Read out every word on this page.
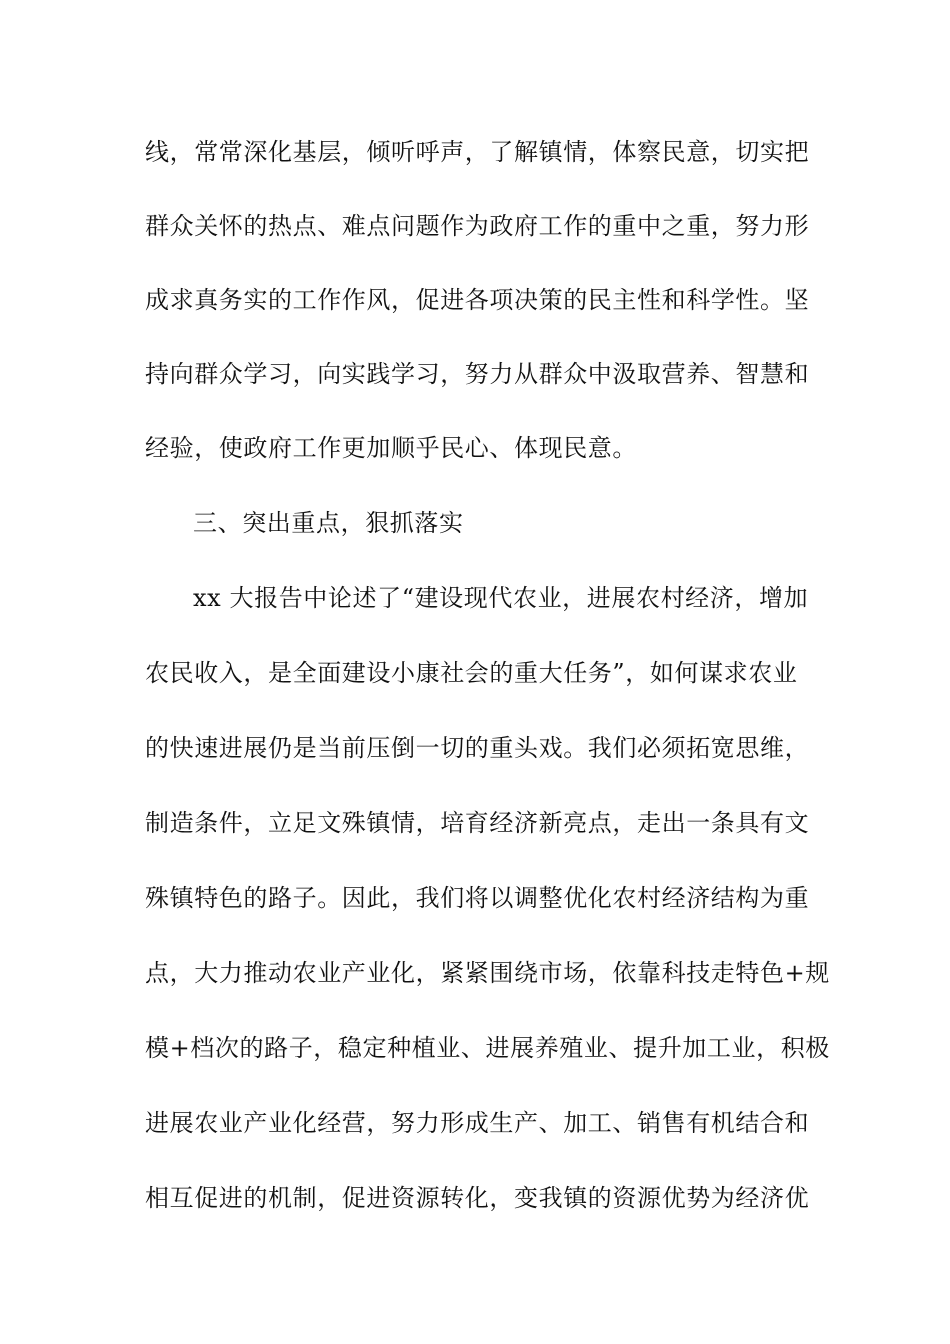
线，常常深化基层，倾听呼声，了解镇情，体察民意，切实把
群众关怀的热点、难点问题作为政府工作的重中之重，努力形
成求真务实的工作作风，促进各项决策的民主性和科学性。坚
持向群众学习，向实践学习，努力从群众中汲取营养、智慧和
经验，使政府工作更加顺乎民心、体现民意。
三、突出重点，狠抓落实
xx 大报告中论述了“建设现代农业，进展农村经济，增加
农民收入，是全面建设小康社会的重大任务”，如何谋求农业
的快速进展仍是当前压倒一切的重头戏。我们必须拓宽思维，
制造条件，立足文殊镇情，培育经济新亮点，走出一条具有文
殊镇特色的路子。因此，我们将以调整优化农村经济结构为重
点，大力推动农业产业化，紧紧围绕市场，依靠科技走特色+规
模+档次的路子，稳定种植业、进展养殖业、提升加工业，积极
进展农业产业化经营，努力形成生产、加工、销售有机结合和
相互促进的机制，促进资源转化，变我镇的资源优势为经济优
